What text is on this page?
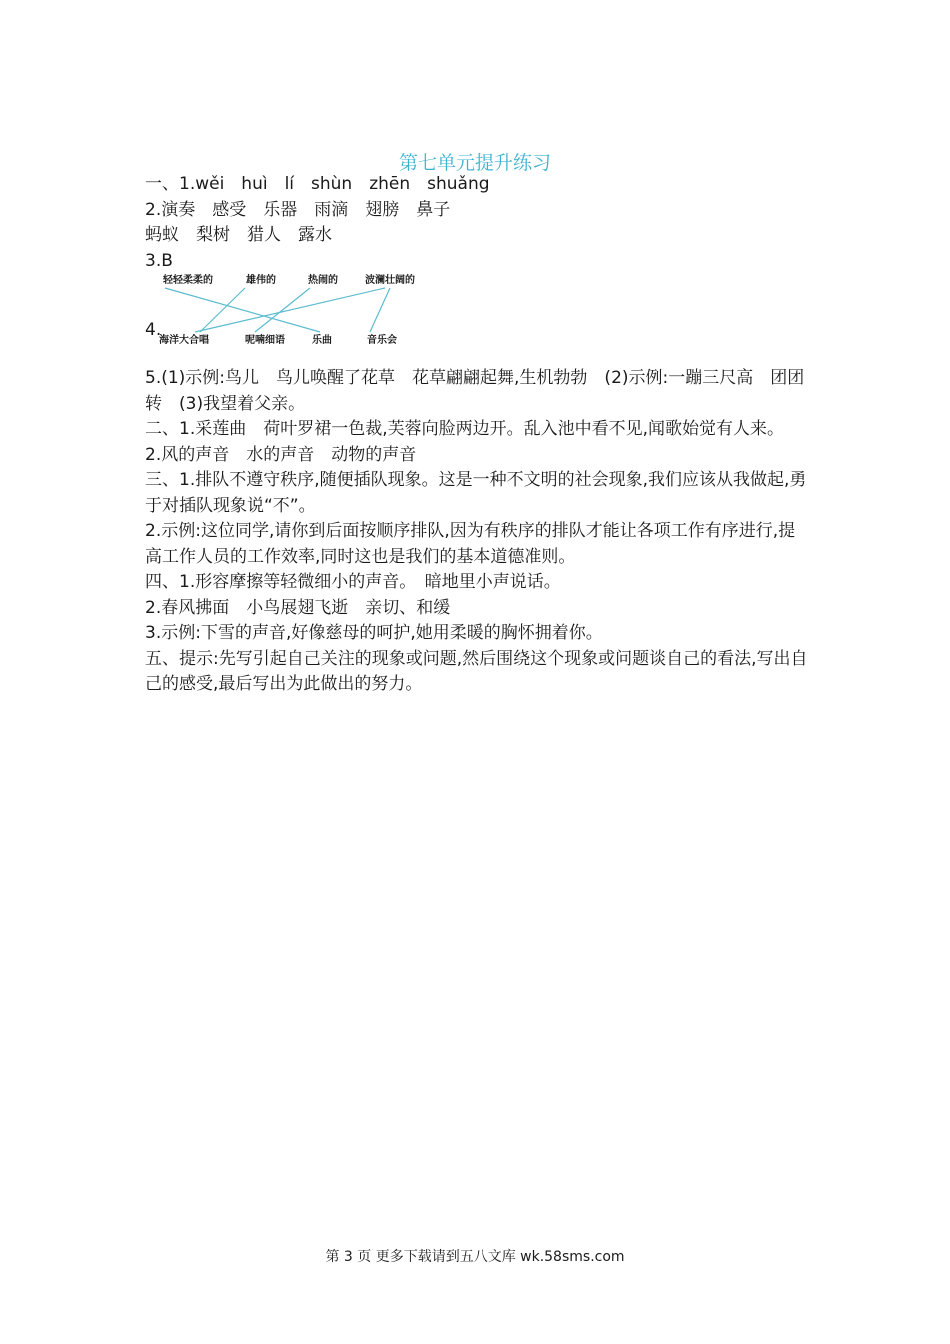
第七单元提升练习

一、1.wěi　huì　lí　shùn　zhēn　shuǎng

2.演奏　感受　乐器　雨滴　翅膀　鼻子

蚂蚁　梨树　猎人　露水

3.B

轻轻柔柔的	雄伟的	热闹的	波澜壮阔的
4.
海洋大合唱	呢喃细语	乐曲	音乐会

5.(1)示例:鸟儿　鸟儿唤醒了花草　花草翩翩起舞,生机勃勃　(2)示例:一蹦三尺高　团团转　(3)我望着父亲。

二、1.采莲曲　荷叶罗裙一色裁,芙蓉向脸两边开。乱入池中看不见,闻歌始觉有人来。

2.风的声音　水的声音　动物的声音

三、1.排队不遵守秩序,随便插队现象。这是一种不文明的社会现象,我们应该从我做起,勇于对插队现象说“不”。

2.示例:这位同学,请你到后面按顺序排队,因为有秩序的排队才能让各项工作有序进行,提高工作人员的工作效率,同时这也是我们的基本道德准则。

四、1.形容摩擦等轻微细小的声音。　暗地里小声说话。

2.春风拂面　小鸟展翅飞逝　亲切、和缓

3.示例:下雪的声音,好像慈母的呵护,她用柔暖的胸怀拥着你。

五、提示:先写引起自己关注的现象或问题,然后围绕这个现象或问题谈自己的看法,写出自己的感受,最后写出为此做出的努力。

第 3 页 更多下载请到五八文库 wk.58sms.com
